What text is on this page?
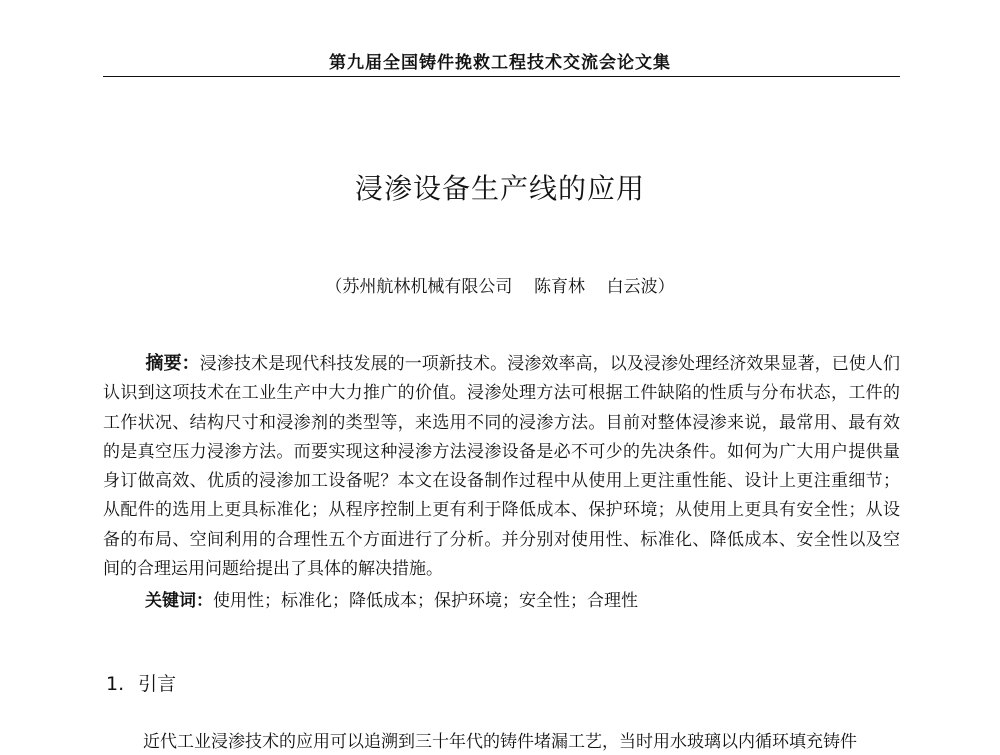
第九届全国铸件挽救工程技术交流会论文集
浸渗设备生产线的应用
（苏州航林机械有限公司    陈育林    白云波）

摘要：浸渗技术是现代科技发展的一项新技术。浸渗效率高，以及浸渗处理经济效果显著，已使人们认识到这项技术在工业生产中大力推广的价值。浸渗处理方法可根据工件缺陷的性质与分布状态，工件的工作状况、结构尺寸和浸渗剂的类型等，来选用不同的浸渗方法。目前对整体浸渗来说，最常用、最有效的是真空压力浸渗方法。而要实现这种浸渗方法浸渗设备是必不可少的先决条件。如何为广大用户提供量身订做高效、优质的浸渗加工设备呢？本文在设备制作过程中从使用上更注重性能、设计上更注重细节；从配件的选用上更具标准化；从程序控制上更有利于降低成本、保护环境；从使用上更具有安全性；从设备的布局、空间利用的合理性五个方面进行了分析。并分别对使用性、标准化、降低成本、安全性以及空间的合理运用问题给提出了具体的解决措施。

关键词：使用性；标准化；降低成本；保护环境；安全性；合理性

1. 引言

近代工业浸渗技术的应用可以追溯到三十年代的铸件堵漏工艺，当时用水玻璃以内循环填充铸件
